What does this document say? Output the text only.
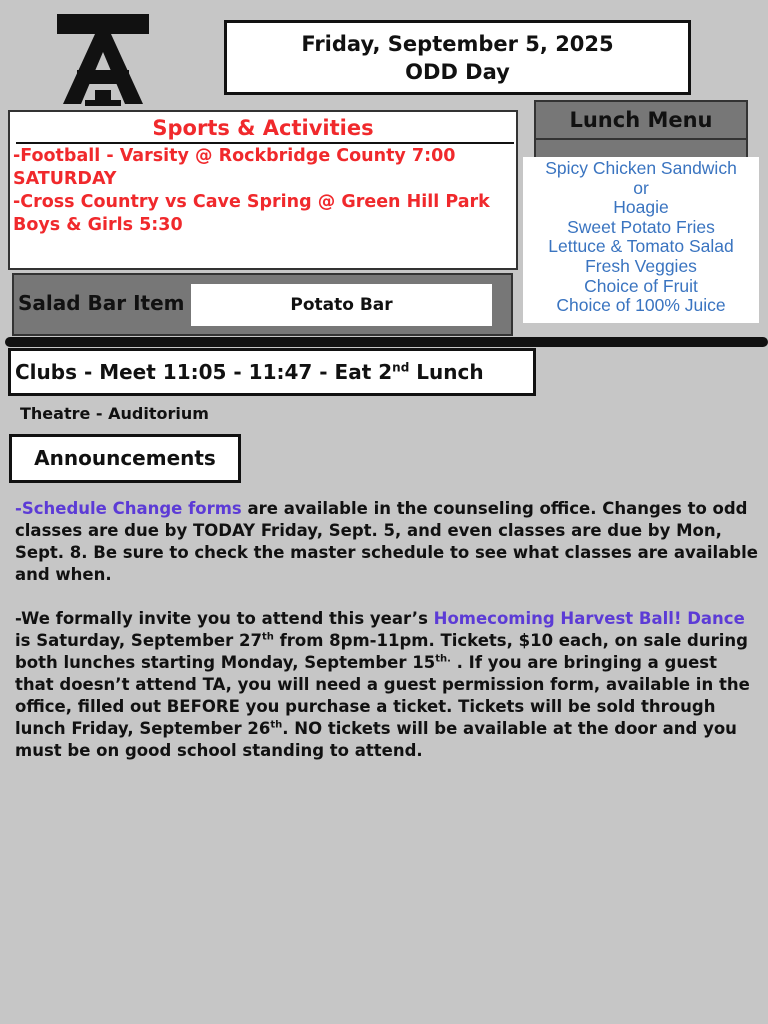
Friday, September 5, 2025
ODD Day
Sports & Activities
-Football - Varsity @ Rockbridge County 7:00 SATURDAY
-Cross Country vs Cave Spring @ Green Hill Park Boys & Girls 5:30
Lunch Menu
Spicy Chicken Sandwich
or
Hoagie
Sweet Potato Fries
Lettuce & Tomato Salad
Fresh Veggies
Choice of Fruit
Choice of 100% Juice
Salad Bar Item	Potato Bar
Clubs - Meet 11:05 - 11:47 - Eat 2nd Lunch
Theatre - Auditorium
Announcements

-Schedule Change forms are available in the counseling office. Changes to odd classes are due by TODAY Friday, Sept. 5, and even classes are due by Mon, Sept. 8. Be sure to check the master schedule to see what classes are available and when.

-We formally invite you to attend this year’s Homecoming Harvest Ball! Dance is Saturday, September 27th from 8pm-11pm. Tickets, $10 each, on sale during both lunches starting Monday, September $15^{th.}$ . If you are bringing a guest that doesn’t attend TA, you will need a guest permission form, available in the office, filled out BEFORE you purchase a ticket. Tickets will be sold through lunch Friday, September 26th. NO tickets will be available at the door and you must be on good school standing to attend.
